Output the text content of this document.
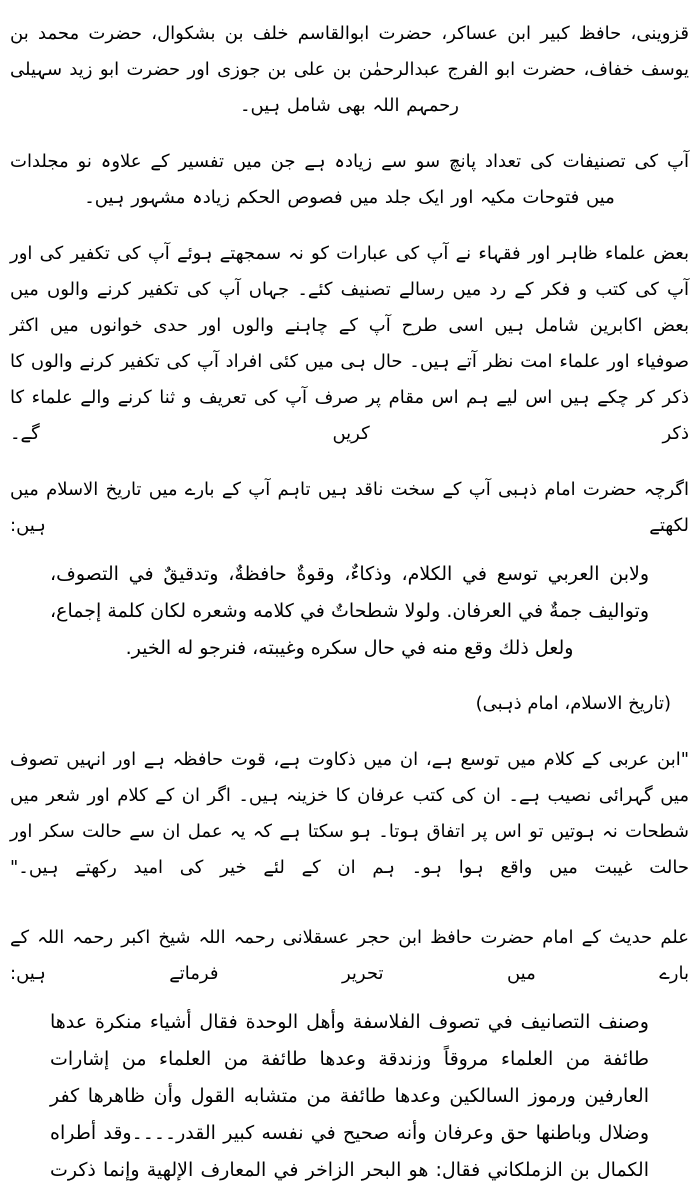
قزوینی، حافظ کبیر ابن عساکر، حضرت ابوالقاسم خلف بن بشکوال، حضرت محمد بن یوسف خفاف، حضرت ابو الفرج عبدالرحمٰن بن علی بن جوزی اور حضرت ابو زید سہیلی رحمہم اللہ بھی شامل ہیں۔

آپ کی تصنیفات کی تعداد پانچ سو سے زیادہ ہے جن میں تفسیر کے علاوہ نو مجلدات میں فتوحات مکیہ اور ایک جلد میں فصوص الحکم زیادہ مشہور ہیں۔

بعض علماء ظاہر اور فقہاء نے آپ کی عبارات کو نہ سمجھتے ہوئے آپ کی تکفیر کی اور آپ کی کتب و فکر کے رد میں رسالے تصنیف کئے۔ جہاں آپ کی تکفیر کرنے والوں میں بعض اکابرین شامل ہیں اسی طرح آپ کے چاہنے والوں اور حدی خوانوں میں اکثر صوفیاء اور علماء امت نظر آتے ہیں۔ حال ہی میں کئی افراد آپ کی تکفیر کرنے والوں کا ذکر کر چکے ہیں اس لیے ہم اس مقام پر صرف آپ کی تعریف و ثنا کرنے والے علماء کا ذکر کریں گے۔

اگرچہ حضرت امام ذہبی آپ کے سخت ناقد ہیں تاہم آپ کے بارے میں تاریخ الاسلام میں لکھتے ہیں:

ولابن العربي توسع في الكلام، وذكاءٌ، وقوةٌ حافظةٌ، وتدقيقٌ في التصوف، وتواليف جمةٌ في العرفان. ولولا شطحاتٌ في كلامه وشعره لكان كلمة إجماع، ولعل ذلك وقع منه في حال سكره وغيبته، فنرجو له الخير.

(تاریخ الاسلام، امام ذہبی)

"ابن عربی کے کلام میں توسع ہے، ان میں ذکاوت ہے، قوت حافظہ ہے اور انہیں تصوف میں گہرائی نصیب ہے۔ ان کی کتب عرفان کا خزینہ ہیں۔ اگر ان کے کلام اور شعر میں شطحات نہ ہوتیں تو اس پر اتفاق ہوتا۔ ہو سکتا ہے کہ یہ عمل ان سے حالت سکر اور حالت غیبت میں واقع ہوا ہو۔ ہم ان کے لئے خیر کی امید رکھتے ہیں۔"

علم حدیث کے امام حضرت حافظ ابن حجر عسقلانی رحمہ اللہ شیخ اکبر رحمہ اللہ کے بارے میں تحریر فرماتے ہیں:

وصنف التصانيف في تصوف الفلاسفة وأهل الوحدة فقال أشياء منكرة عدها طائفة من العلماء مروقاً وزندقة وعدها طائفة من العلماء من إشارات العارفين ورموز السالكين وعدها طائفة من متشابه القول وأن ظاهرها كفر وضلال وباطنها حق وعرفان وأنه صحيح في نفسه كبير القدر۔۔۔۔وقد أطراه الكمال بن الزملكاني فقال: هو البحر الزاخر في المعارف الإلهية وإنما ذكرت
